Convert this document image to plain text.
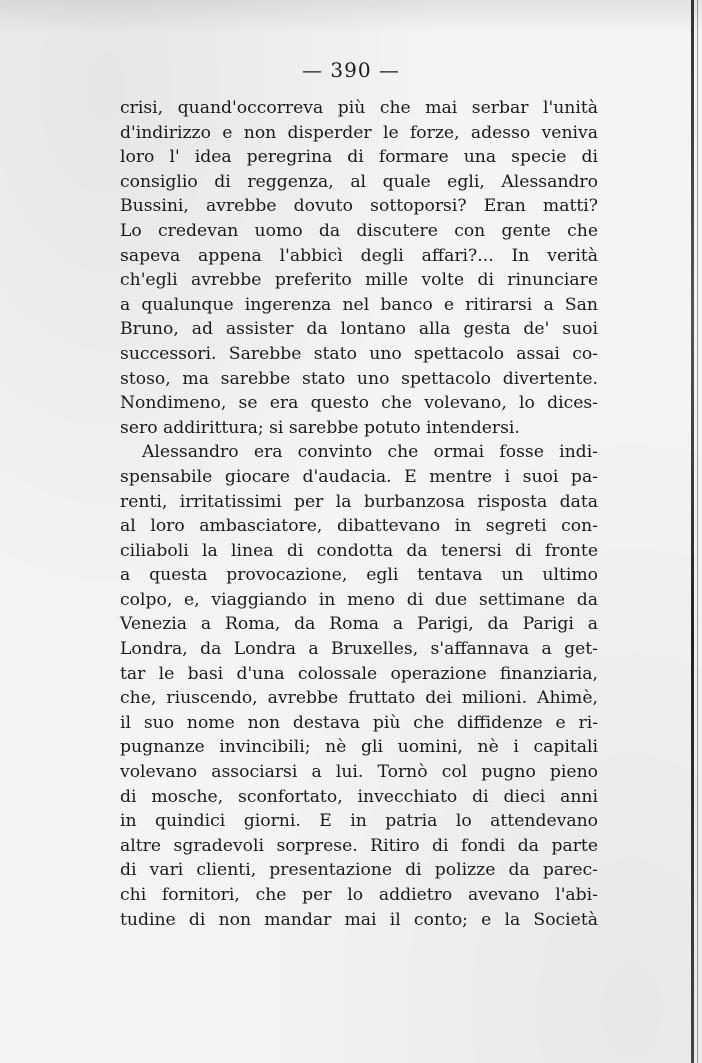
— 390 —
crisi, quand'occorreva più che mai serbar l'unità
d'indirizzo e non disperder le forze, adesso veniva
loro l' idea peregrina di formare una specie di
consiglio di reggenza, al quale egli, Alessandro
Bussini, avrebbe dovuto sottoporsi? Eran matti?
Lo credevan uomo da discutere con gente che
sapeva appena l'abbicì degli affari?... In verità
ch'egli avrebbe preferito mille volte di rinunciare
a qualunque ingerenza nel banco e ritirarsi a San
Bruno, ad assister da lontano alla gesta de' suoi
successori. Sarebbe stato uno spettacolo assai co-
stoso, ma sarebbe stato uno spettacolo divertente.
Nondimeno, se era questo che volevano, lo dices-
sero addirittura; si sarebbe potuto intendersi.
Alessandro era convinto che ormai fosse indi-
spensabile giocare d'audacia. E mentre i suoi pa-
renti, irritatissimi per la burbanzosa risposta data
al loro ambasciatore, dibattevano in segreti con-
ciliaboli la linea di condotta da tenersi di fronte
a questa provocazione, egli tentava un ultimo
colpo, e, viaggiando in meno di due settimane da
Venezia a Roma, da Roma a Parigi, da Parigi a
Londra, da Londra a Bruxelles, s'affannava a get-
tar le basi d'una colossale operazione finanziaria,
che, riuscendo, avrebbe fruttato dei milioni. Ahimè,
il suo nome non destava più che diffidenze e ri-
pugnanze invincibili; nè gli uomini, nè i capitali
volevano associarsi a lui. Tornò col pugno pieno
di mosche, sconfortato, invecchiato di dieci anni
in quindici giorni. E in patria lo attendevano
altre sgradevoli sorprese. Ritiro di fondi da parte
di vari clienti, presentazione di polizze da parec-
chi fornitori, che per lo addietro avevano l'abi-
tudine di non mandar mai il conto; e la Società
